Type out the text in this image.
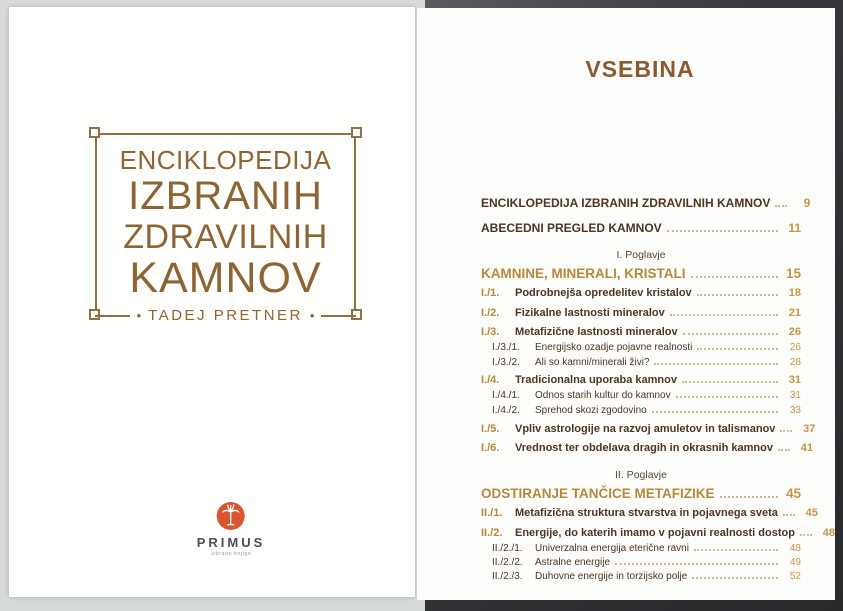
ENCIKLOPEDIJA
IZBRANIH
ZDRAVILNIH
KAMNOV
• TADEJ PRETNER •
PRIMUS
izbrane knjige
VSEBINA
ENCIKLOPEDIJA IZBRANIH ZDRAVILNIH KAMNOV	9
ABECEDNI PREGLED KAMNOV	11
I. Poglavje
KAMNINE, MINERALI, KRISTALI	15
I./1.	Podrobnejša opredelitev kristalov	18
I./2.	Fizikalne lastnosti mineralov	21
I./3.	Metafizične lastnosti mineralov	26
I./3./1.	Energijsko ozadje pojavne realnosti	26
I./3./2.	Ali so kamni/minerali živi?	28
I./4.	Tradicionalna uporaba kamnov	31
I./4./1.	Odnos starih kultur do kamnov	31
I./4./2.	Sprehod skozi zgodovino	33
I./5.	Vpliv astrologije na razvoj amuletov in talismanov	37
I./6.	Vrednost ter obdelava dragih in okrasnih kamnov	41
II. Poglavje
ODSTIRANJE TANČICE METAFIZIKE	45
II./1.	Metafizična struktura stvarstva in pojavnega sveta	45
II./2.	Energije, do katerih imamo v pojavni realnosti dostop	48
II./2./1.	Univerzalna energija eterične ravni	48
II./2./2.	Astralne energije	49
II./2./3.	Duhovne energije in torzijsko polje	52
